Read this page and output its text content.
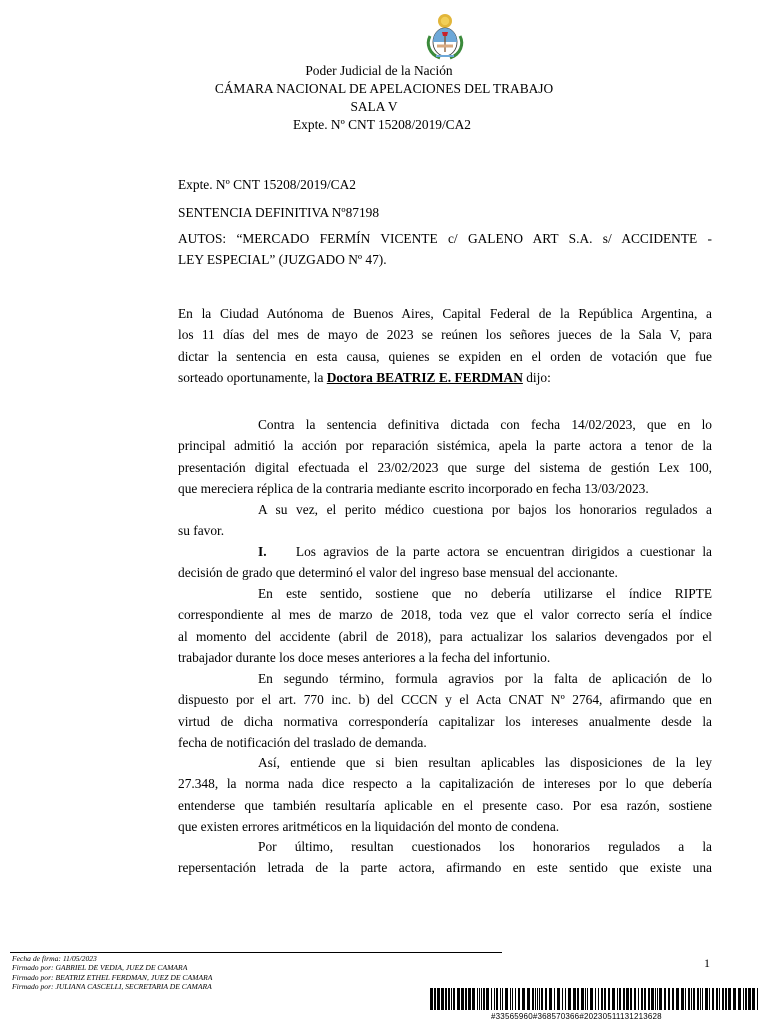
Poder Judicial de la Nación
CÁMARA NACIONAL DE APELACIONES DEL TRABAJO
SALA V
Expte. Nº CNT 15208/2019/CA2
Expte. Nº CNT 15208/2019/CA2
SENTENCIA DEFINITIVA Nº87198
AUTOS: “MERCADO FERMÍN VICENTE c/ GALENO ART S.A. s/ ACCIDENTE -
LEY ESPECIAL” (JUZGADO Nº 47).
En la Ciudad Autónoma de Buenos Aires, Capital Federal de la República Argentina, a
los 11 días del mes de mayo de 2023 se reúnen los señores jueces de la Sala V, para
dictar la sentencia en esta causa, quienes se expiden en el orden de votación que fue
sorteado oportunamente, la Doctora BEATRIZ E. FERDMAN dijo:
Contra la sentencia definitiva dictada con fecha 14/02/2023, que en lo
principal admitió la acción por reparación sistémica, apela la parte actora a tenor de la
presentación digital efectuada el 23/02/2023 que surge del sistema de gestión Lex 100,
que mereciera réplica de la contraria mediante escrito incorporado en fecha 13/03/2023.
A su vez, el perito médico cuestiona por bajos los honorarios regulados a
su favor.
I. Los agravios de la parte actora se encuentran dirigidos a cuestionar la
decisión de grado que determinó el valor del ingreso base mensual del accionante.
En este sentido, sostiene que no debería utilizarse el índice RIPTE
correspondiente al mes de marzo de 2018, toda vez que el valor correcto sería el índice
al momento del accidente (abril de 2018), para actualizar los salarios devengados por el
trabajador durante los doce meses anteriores a la fecha del infortunio.
En segundo término, formula agravios por la falta de aplicación de lo
dispuesto por el art. 770 inc. b) del CCCN y el Acta CNAT Nº 2764, afirmando que en
virtud de dicha normativa correspondería capitalizar los intereses anualmente desde la
fecha de notificación del traslado de demanda.
Así, entiende que si bien resultan aplicables las disposiciones de la ley
27.348, la norma nada dice respecto a la capitalización de intereses por lo que debería
entenderse que también resultaría aplicable en el presente caso. Por esa razón, sostiene
que existen errores aritméticos en la liquidación del monto de condena.
Por último, resultan cuestionados los honorarios regulados a la
repersentación letrada de la parte actora, afirmando en este sentido que existe una
Fecha de firma: 11/05/2023
Firmado por: GABRIEL DE VEDIA, JUEZ DE CAMARA
Firmado por: BEATRIZ ETHEL FERDMAN, JUEZ DE CAMARA
Firmado por: JULIANA CASCELLI, SECRETARIA DE CAMARA
1
#33565960#368570366#20230511131213628
